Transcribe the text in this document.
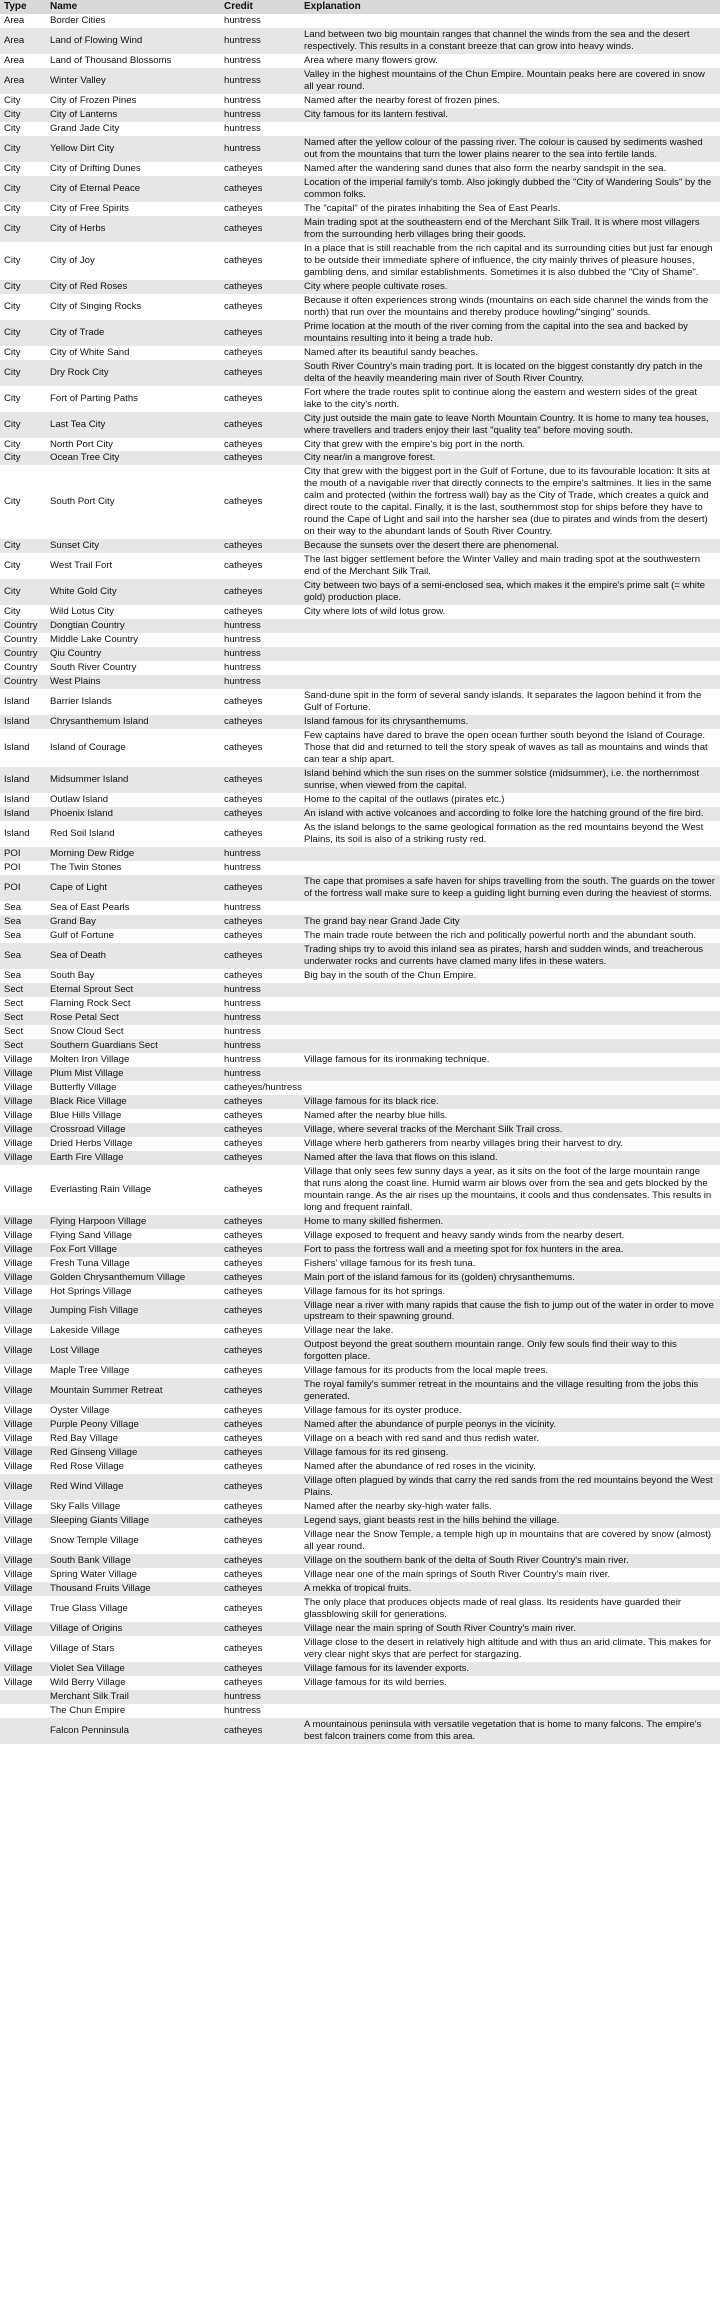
Type	Name	Credit	Explanation
Area	Border Cities	huntress	
Area	Land of Flowing Wind	huntress	Land between two big mountain ranges that channel the winds from the sea and the desert respectively. This results in a constant breeze that can grow into heavy winds.
Area	Land of Thousand Blossoms	huntress	Area where many flowers grow.
Area	Winter Valley	huntress	Valley in the highest mountains of the Chun Empire. Mountain peaks here are covered in snow all year round.
City	City of Frozen Pines	huntress	Named after the nearby forest of frozen pines.
City	City of Lanterns	huntress	City famous for its lantern festival.
City	Grand Jade City	huntress	
City	Yellow Dirt City	huntress	Named after the yellow colour of the passing river. The colour is caused by sediments washed out from the mountains that turn the lower plains nearer to the sea into fertile lands.
City	City of Drifting Dunes	catheyes	Named after the wandering sand dunes that also form the nearby sandspit in the sea.
City	City of Eternal Peace	catheyes	Location of the imperial family's tomb. Also jokingly dubbed the "City of Wandering Souls" by the common folks.
City	City of Free Spirits	catheyes	The "capital" of the pirates inhabiting the Sea of East Pearls.
City	City of Herbs	catheyes	Main trading spot at the southeastern end of the Merchant Silk Trail. It is where most villagers from the surrounding herb villages bring their goods.
City	City of Joy	catheyes	In a place that is still reachable from the rich capital and its surrounding cities but just far enough to be outside their immediate sphere of influence, the city mainly thrives of pleasure houses, gambling dens, and similar establishments. Sometimes it is also dubbed the "City of Shame".
City	City of Red Roses	catheyes	City where people cultivate roses.
City	City of Singing Rocks	catheyes	Because it often experiences strong winds (mountains on each side channel the winds from the north) that run over the mountains and thereby produce howling/"singing" sounds.
City	City of Trade	catheyes	Prime location at the mouth of the river coming from the capital into the sea and backed by mountains resulting into it being a trade hub.
City	City of White Sand	catheyes	Named after its beautiful sandy beaches.
City	Dry Rock City	catheyes	South River Country's main trading port. It is located on the biggest constantly dry patch in the delta of the heavily meandering main river of South River Country.
City	Fort of Parting Paths	catheyes	Fort where the trade routes split to continue along the eastern and western sides of the great lake to the city's north.
City	Last Tea City	catheyes	City just outside the main gate to leave North Mountain Country. It is home to many tea houses, where travellers and traders enjoy their last "quality tea" before moving south.
City	North Port City	catheyes	City that grew with the empire's big port in the north.
City	Ocean Tree City	catheyes	City near/in a mangrove forest.
City	South Port City	catheyes	City that grew with the biggest port in the Gulf of Fortune, due to its favourable location: It sits at the mouth of a navigable river that directly connects to the empire's saltmines. It lies in the same calm and protected (within the fortress wall) bay as the City of Trade, which creates a quick and direct route to the capital. Finally, it is the last, southernmost stop for ships before they have to round the Cape of Light and sail into the harsher sea (due to pirates and winds from the desert) on their way to the abundant lands of South River Country.
City	Sunset City	catheyes	Because the sunsets over the desert there are phenomenal.
City	West Trail Fort	catheyes	The last bigger settlement before the Winter Valley and main trading spot at the southwestern end of the Merchant Silk Trail.
City	White Gold City	catheyes	City between two bays of a semi-enclosed sea, which makes it the empire's prime salt (= white gold) production place.
City	Wild Lotus City	catheyes	City where lots of wild lotus grow.
Country	Dongtian Country	huntress	
Country	Middle Lake Country	huntress	
Country	Qiu Country	huntress	
Country	South River Country	huntress	
Country	West Plains	huntress	
Island	Barrier Islands	catheyes	Sand-dune spit in the form of several sandy islands. It separates the lagoon behind it from the Gulf of Fortune.
Island	Chrysanthemum Island	catheyes	Island famous for its chrysanthemums.
Island	Island of Courage	catheyes	Few captains have dared to brave the open ocean further south beyond the Island of Courage. Those that did and returned to tell the story speak of waves as tall as mountains and winds that can tear a ship apart.
Island	Midsummer Island	catheyes	Island behind which the sun rises on the summer solstice (midsummer), i.e. the northernmost sunrise, when viewed from the capital.
Island	Outlaw Island	catheyes	Home to the capital of the outlaws (pirates etc.)
Island	Phoenix Island	catheyes	An island with active volcanoes and according to folke lore the hatching ground of the fire bird.
Island	Red Soil Island	catheyes	As the island belongs to the same geological formation as the red mountains beyond the West Plains, its soil is also of a striking rusty red.
POI	Morning Dew Ridge	huntress	
POI	The Twin Stones	huntress	
POI	Cape of Light	catheyes	The cape that promises a safe haven for ships travelling from the south. The guards on the tower of the fortress wall make sure to keep a guiding light burning even during the heaviest of storms.
Sea	Sea of East Pearls	huntress	
Sea	Grand Bay	catheyes	The grand bay near Grand Jade City
Sea	Gulf of Fortune	catheyes	The main trade route between the rich and politically powerful north and the abundant south.
Sea	Sea of Death	catheyes	Trading ships try to avoid this inland sea as pirates, harsh and sudden winds, and treacherous underwater rocks and currents have clamed many lifes in these waters.
Sea	South Bay	catheyes	Big bay in the south of the Chun Empire.
Sect	Eternal Sprout Sect	huntress	
Sect	Flaming Rock Sect	huntress	
Sect	Rose Petal Sect	huntress	
Sect	Snow Cloud Sect	huntress	
Sect	Southern Guardians Sect	huntress	
Village	Molten Iron Village	huntress	Village famous for its ironmaking technique.
Village	Plum Mist Village	huntress	
Village	Butterfly Village	catheyes/huntress	
Village	Black Rice Village	catheyes	Village famous for its black rice.
Village	Blue Hills Village	catheyes	Named after the nearby blue hills.
Village	Crossroad Village	catheyes	Village, where several tracks of the Merchant Silk Trail cross.
Village	Dried Herbs Village	catheyes	Village where herb gatherers from nearby villages bring their harvest to dry.
Village	Earth Fire Village	catheyes	Named after the lava that flows on this island.
Village	Everlasting Rain Village	catheyes	Village that only sees few sunny days a year, as it sits on the foot of the large mountain range that runs along the coast line. Humid warm air blows over from the sea and gets blocked by the mountain range. As the air rises up the mountains, it cools and thus condensates. This results in long and frequent rainfall.
Village	Flying Harpoon Village	catheyes	Home to many skilled fishermen.
Village	Flying Sand Village	catheyes	Village exposed to frequent and heavy sandy winds from the nearby desert.
Village	Fox Fort Village	catheyes	Fort to pass the fortress wall and a meeting spot for fox hunters in the area.
Village	Fresh Tuna Village	catheyes	Fishers' village famous for its fresh tuna.
Village	Golden Chrysanthemum Village	catheyes	Main port of the island famous for its (golden) chrysanthemums.
Village	Hot Springs Village	catheyes	Village famous for its hot springs.
Village	Jumping Fish Village	catheyes	Village near a river with many rapids that cause the fish to jump out of the water in order to move upstream to their spawning ground.
Village	Lakeside Village	catheyes	Village near the lake.
Village	Lost Village	catheyes	Outpost beyond the great southern mountain range. Only few souls find their way to this forgotten place.
Village	Maple Tree Village	catheyes	Village famous for its products from the local maple trees.
Village	Mountain Summer Retreat	catheyes	The royal family's summer retreat in the mountains and the village resulting from the jobs this generated.
Village	Oyster Village	catheyes	Village famous for its oyster produce.
Village	Purple Peony Village	catheyes	Named after the abundance of purple peonys in the vicinity.
Village	Red Bay Village	catheyes	Village on a beach with red sand and thus redish water.
Village	Red Ginseng Village	catheyes	Village famous for its red ginseng.
Village	Red Rose Village	catheyes	Named after the abundance of red roses in the vicinity.
Village	Red Wind Village	catheyes	Village often plagued by winds that carry the red sands from the red mountains beyond the West Plains.
Village	Sky Falls Village	catheyes	Named after the nearby sky-high water falls.
Village	Sleeping Giants Village	catheyes	Legend says, giant beasts rest in the hills behind the village.
Village	Snow Temple Village	catheyes	Village near the Snow Temple, a temple high up in mountains that are covered by snow (almost) all year round.
Village	South Bank Village	catheyes	Village on the southern bank of the delta of South River Country's main river.
Village	Spring Water Village	catheyes	Village near one of the main springs of South River Country's main river.
Village	Thousand Fruits Village	catheyes	A mekka of tropical fruits.
Village	True Glass Village	catheyes	The only place that produces objects made of real glass. Its residents have guarded their glassblowing skill for generations.
Village	Village of Origins	catheyes	Village near the main spring of South River Country's main river.
Village	Village of Stars	catheyes	Village close to the desert in relatively high altitude and with thus an arid climate. This makes for very clear night skys that are perfect for stargazing.
Village	Violet Sea Village	catheyes	Village famous for its lavender exports.
Village	Wild Berry Village	catheyes	Village famous for its wild berries.
	Merchant Silk Trail	huntress	
	The Chun Empire	huntress	
	Falcon Penninsula	catheyes	A mountainous peninsula with versatile vegetation that is home to many falcons. The empire's best falcon trainers come from this area.
